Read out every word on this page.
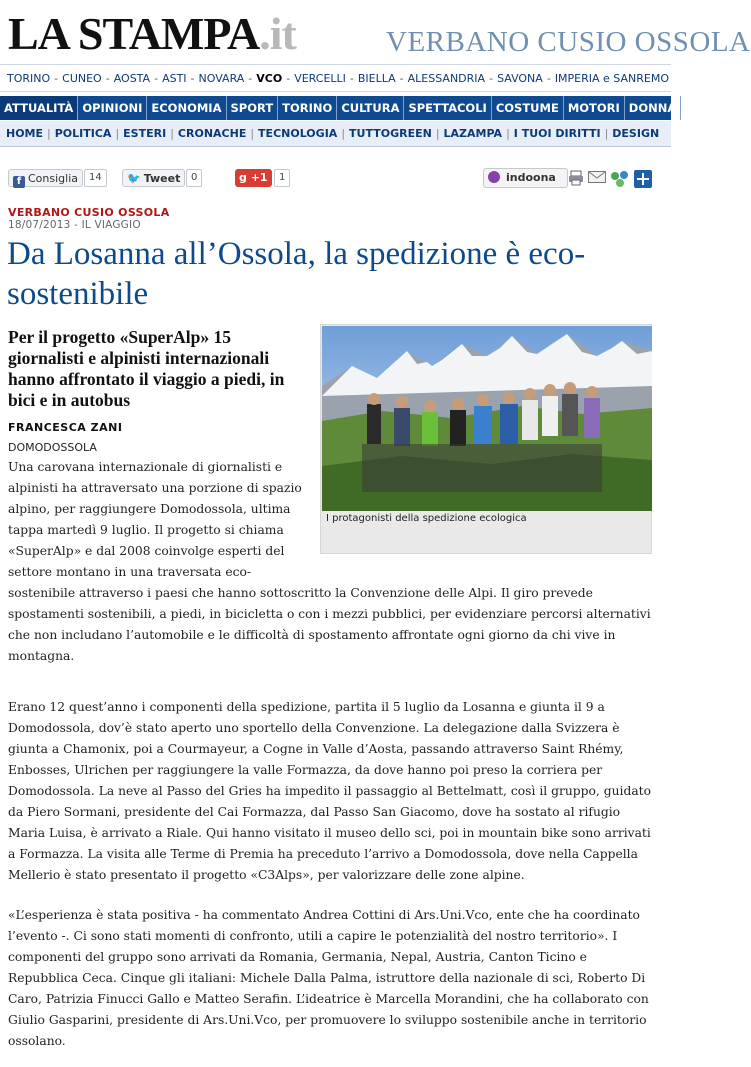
LA STAMPA.it	VERBANO CUSIO OSSOLA
TORINO - CUNEO - AOSTA - ASTI - NOVARA - VCO - VERCELLI - BIELLA - ALESSANDRIA - SAVONA - IMPERIA e SANREMO
ATTUALITÀ OPINIONI ECONOMIA SPORT TORINO CULTURA SPETTACOLI COSTUME MOTORI DONNA
HOME | POLITICA | ESTERI | CRONACHE | TECNOLOGIA | TUTTOGREEN | LAZAMPA | I TUOI DIRITTI | DESIGN
f Consiglia	14	🐦 Tweet	0	g +1	1	indoona
VERBANO CUSIO OSSOLA
18/07/2013 - IL VIAGGIO
Da Losanna all’Ossola, la spedizione è eco-sostenibile
Per il progetto «SuperAlp» 15 giornalisti e alpinisti internazionali hanno affrontato il viaggio a piedi, in bici e in autobus
FRANCESCA ZANI
DOMODOSSOLA
I protagonisti della spedizione ecologica

Una carovana internazionale di giornalisti e alpinisti ha attraversato una porzione di spazio alpino, per raggiungere Domodossola, ultima tappa martedì 9 luglio. Il progetto si chiama «SuperAlp» e dal 2008 coinvolge esperti del settore montano in una traversata eco-

sostenibile attraverso i paesi che hanno sottoscritto la Convenzione delle Alpi. Il giro prevede spostamenti sostenibili, a piedi, in bicicletta o con i mezzi pubblici, per evidenziare percorsi alternativi che non includano l’automobile e le difficoltà di spostamento affrontate ogni giorno da chi vive in montagna.

Erano 12 quest’anno i componenti della spedizione, partita il 5 luglio da Losanna e giunta il 9 a Domodossola, dov’è stato aperto uno sportello della Convenzione. La delegazione dalla Svizzera è giunta a Chamonix, poi a Courmayeur, a Cogne in Valle d’Aosta, passando attraverso Saint Rhémy, Enbosses, Ulrichen per raggiungere la valle Formazza, da dove hanno poi preso la corriera per Domodossola. La neve al Passo del Gries ha impedito il passaggio al Bettelmatt, così il gruppo, guidato da Piero Sormani, presidente del Cai Formazza, dal Passo San Giacomo, dove ha sostato al rifugio Maria Luisa, è arrivato a Riale. Qui hanno visitato il museo dello sci, poi in mountain bike sono arrivati a Formazza. La visita alle Terme di Premia ha preceduto l’arrivo a Domodossola, dove nella Cappella Mellerio è stato presentato il progetto «C3Alps», per valorizzare delle zone alpine.

«L’esperienza è stata positiva - ha commentato Andrea Cottini di Ars.Uni.Vco, ente che ha coordinato l’evento -. Ci sono stati momenti di confronto, utili a capire le potenzialità del nostro territorio». I componenti del gruppo sono arrivati da Romania, Germania, Nepal, Austria, Canton Ticino e Repubblica Ceca. Cinque gli italiani: Michele Dalla Palma, istruttore della nazionale di sci, Roberto Di Caro, Patrizia Finucci Gallo e Matteo Serafin. L’ideatrice è Marcella Morandini, che ha collaborato con Giulio Gasparini, presidente di Ars.Uni.Vco, per promuovere lo sviluppo sostenibile anche in territorio ossolano.
